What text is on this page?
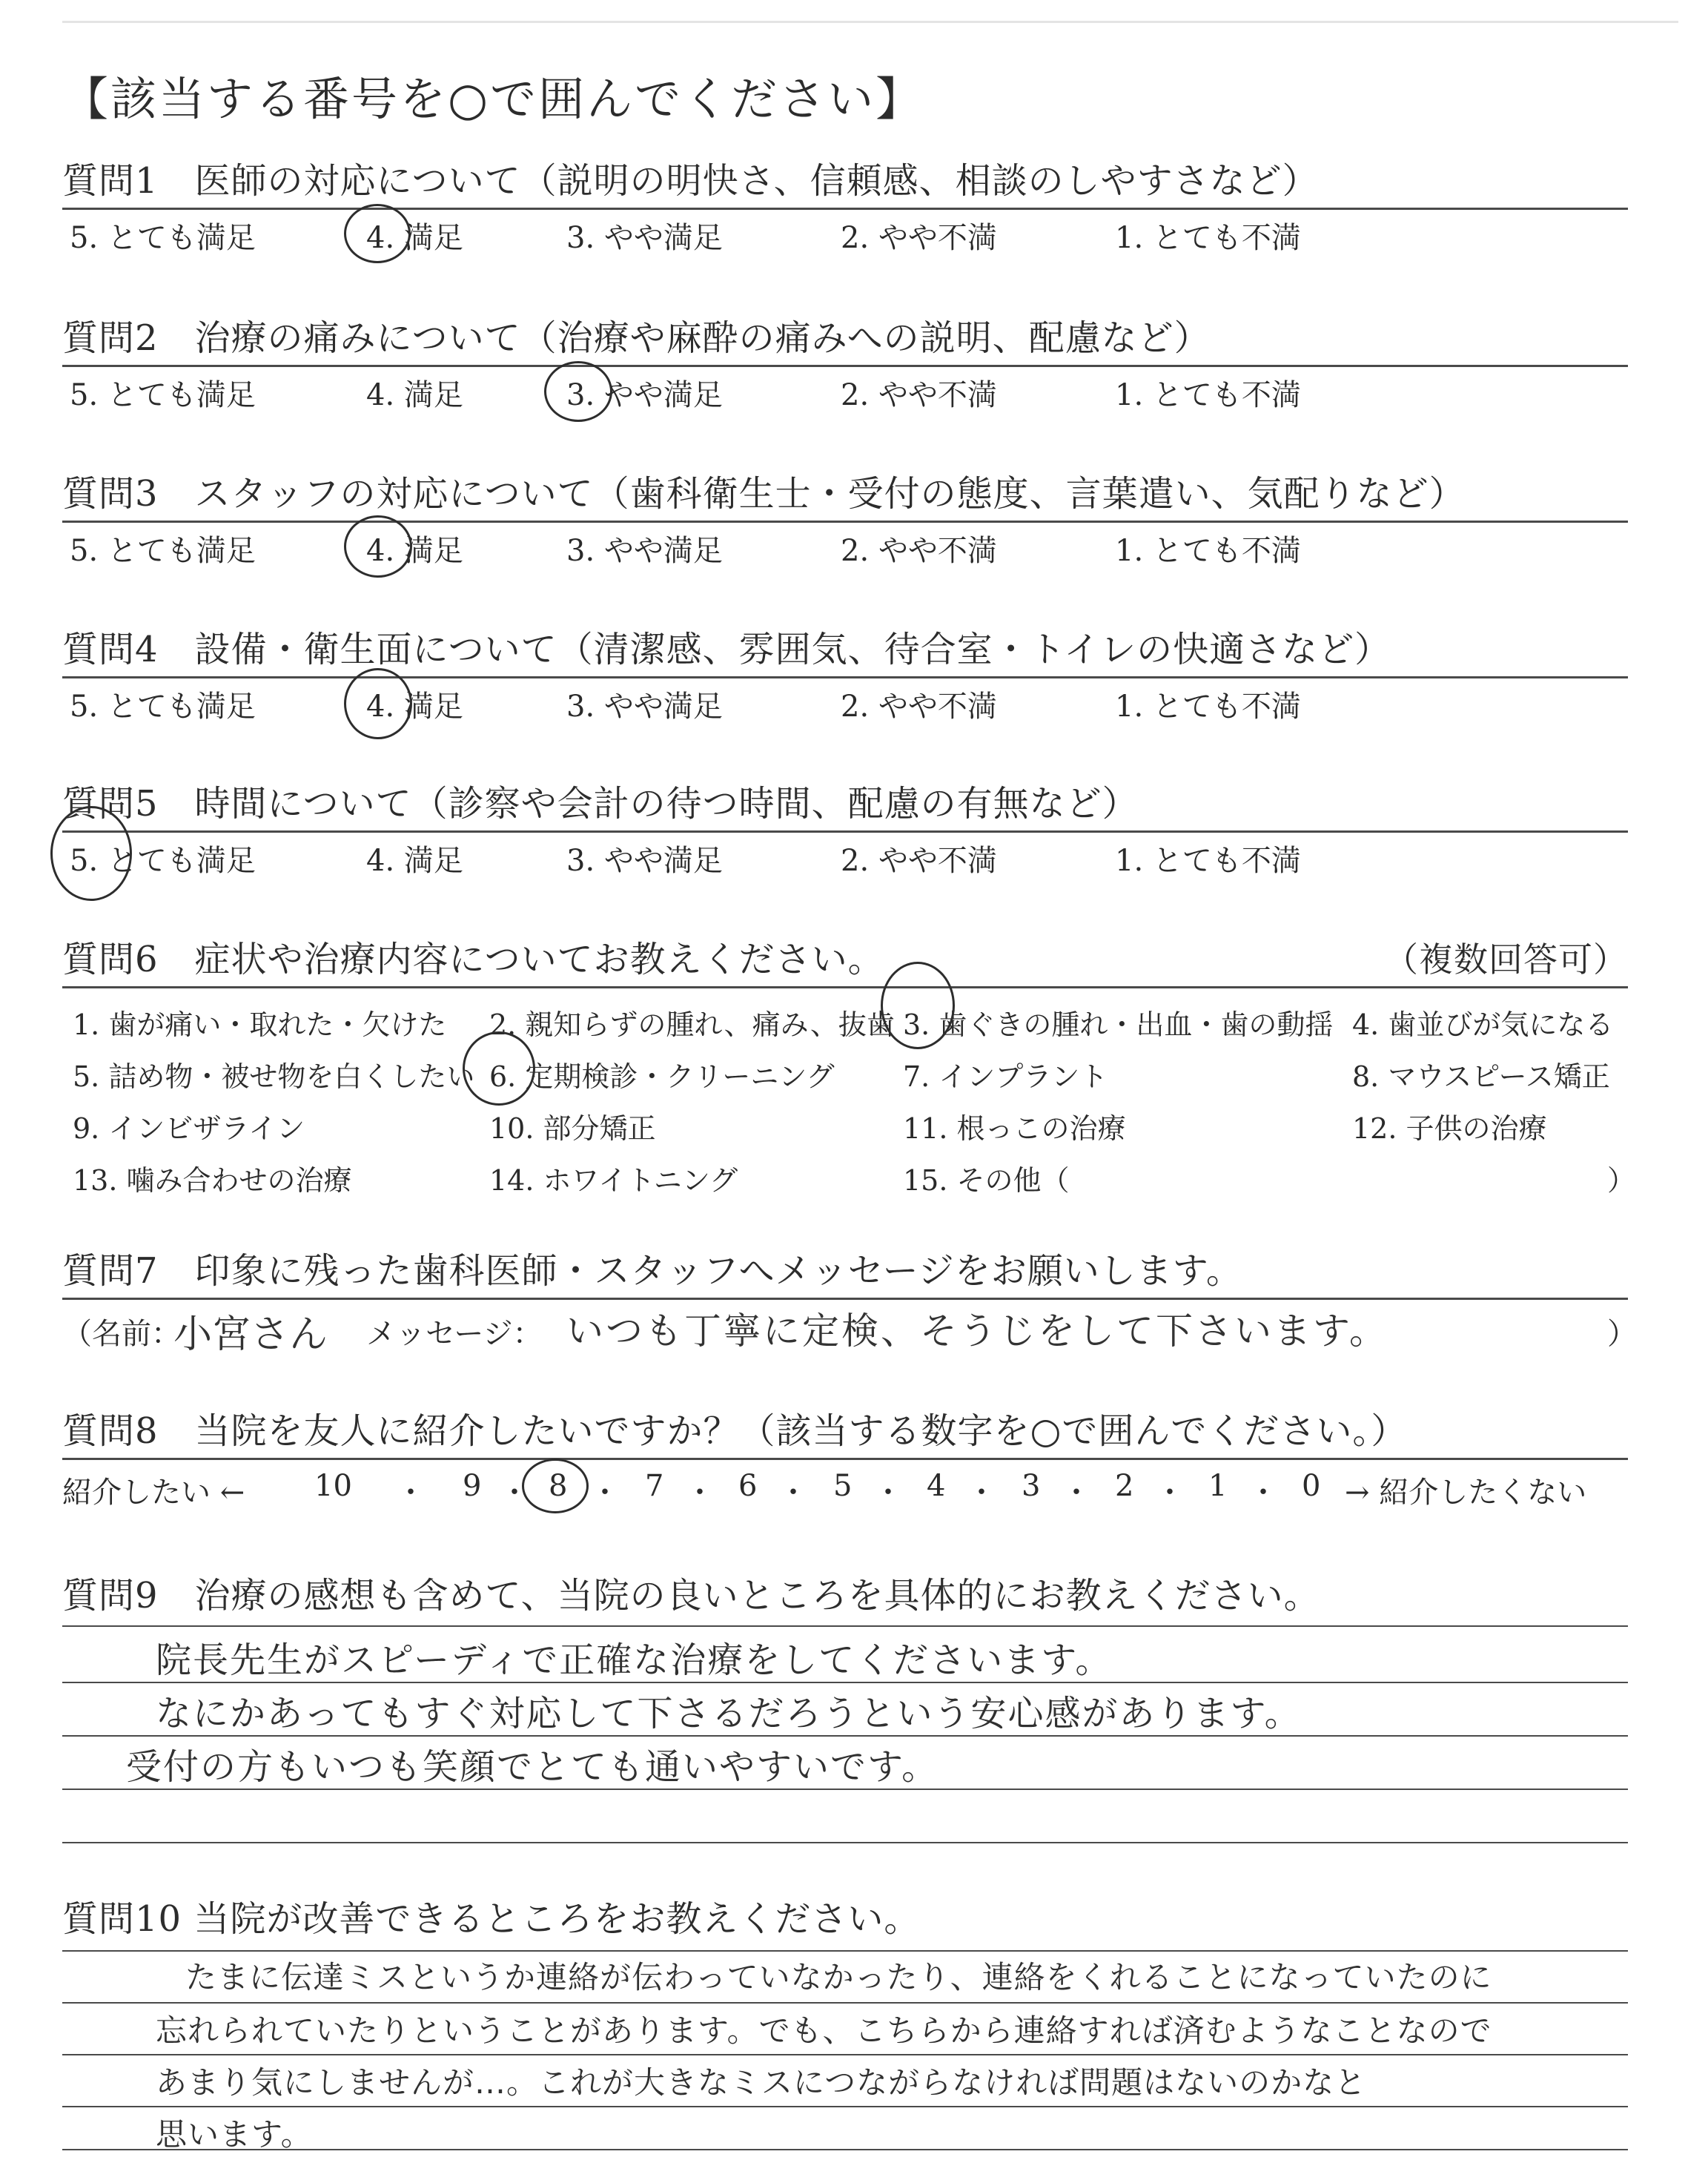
【該当する番号を○で囲んでください】
質問1　医師の対応について（説明の明快さ、信頼感、相談のしやすさなど）
5. とても満足	4. 満足	3. やや満足	2. やや不満	1. とても不満
質問2　治療の痛みについて（治療や麻酔の痛みへの説明、配慮など）
5. とても満足	4. 満足	3. やや満足	2. やや不満	1. とても不満
質問3　スタッフの対応について（歯科衛生士・受付の態度、言葉遣い、気配りなど）
5. とても満足	4. 満足	3. やや満足	2. やや不満	1. とても不満
質問4　設備・衛生面について（清潔感、雰囲気、待合室・トイレの快適さなど）
5. とても満足	4. 満足	3. やや満足	2. やや不満	1. とても不満
質問5　時間について（診察や会計の待つ時間、配慮の有無など）
5. とても満足	4. 満足	3. やや満足	2. やや不満	1. とても不満
質問6　症状や治療内容についてお教えください。	（複数回答可）
1. 歯が痛い・取れた・欠けた 2. 親知らずの腫れ、痛み、抜歯 3. 歯ぐきの腫れ・出血・歯の動揺 4. 歯並びが気になる
5. 詰め物・被せ物を白くしたい 6. 定期検診・クリーニング 7. インプラント	8. マウスピース矯正
9. インビザライン	10. 部分矯正	11. 根っこの治療	12. 子供の治療
13. 噛み合わせの治療	14. ホワイトニング	15. その他（	）
質問7　印象に残った歯科医師・スタッフへメッセージをお願いします。
（名前：
小宮さん メッセージ： いつも丁寧に定検、そうじをして下さいます。	）
質問8　当院を友人に紹介したいですか？（該当する数字を○で囲んでください。）
紹介したい ← 10 ・ 9 ・ 8 ・ 7 ・ 6 ・ 5 ・ 4 ・ 3 ・ 2 ・ 1 ・ 0 → 紹介したくない
質問9　治療の感想も含めて、当院の良いところを具体的にお教えください。
院長先生がスピーディで正確な治療をしてくださいます。
なにかあってもすぐ対応して下さるだろうという安心感があります。
受付の方もいつも笑顔でとても通いやすいです。
質問10 当院が改善できるところをお教えください。
たまに伝達ミスというか連絡が伝わっていなかったり、連絡をくれることになっていたのに
忘れられていたりということがあります。でも、こちらから連絡すれば済むようなことなので
あまり気にしませんが…。これが大きなミスにつながらなければ問題はないのかなと
思います。
